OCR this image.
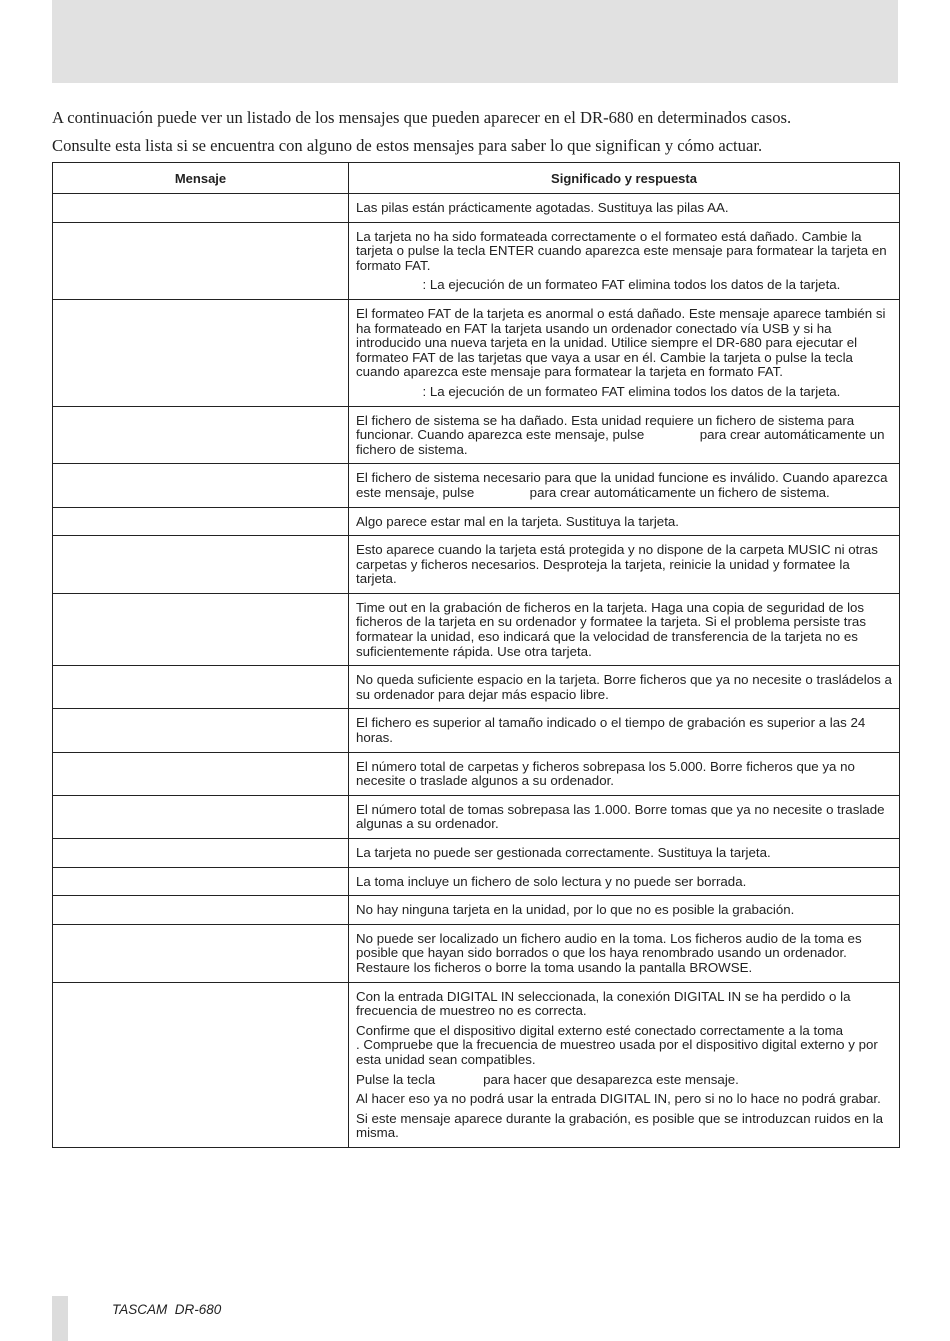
A continuación puede ver un listado de los mensajes que pueden aparecer en el DR-680 en determinados casos.

Consulte esta lista si se encuentra con alguno de estos mensajes para saber lo que significan y cómo actuar.

Mensaje	Significado y respuesta

	Las pilas están prácticamente agotadas. Sustituya las pilas AA.

	La tarjeta no ha sido formateada correctamente o el formateo está dañado. Cambie la tarjeta o pulse la tecla ENTER cuando aparezca este mensaje para formatear la tarjeta en formato FAT.

: La ejecución de un formateo FAT elimina todos los datos de la tarjeta.

	El formateo FAT de la tarjeta es anormal o está dañado. Este mensaje aparece también si ha formateado en FAT la tarjeta usando un ordenador conectado vía USB y si ha introducido una nueva tarjeta en la unidad. Utilice siempre el DR-680 para ejecutar el formateo FAT de las tarjetas que vaya a usar en él. Cambie la tarjeta o pulse la tecla               cuando aparezca este mensaje para formatear la tarjeta en formato FAT.

: La ejecución de un formateo FAT elimina todos los datos de la tarjeta.

	El fichero de sistema se ha dañado. Esta unidad requiere un fichero de sistema para funcionar. Cuando aparezca este mensaje, pulse               para crear automáticamente un fichero de sistema.

	El fichero de sistema necesario para que la unidad funcione es inválido. Cuando aparezca este mensaje, pulse               para crear automáticamente un fichero de sistema.

	Algo parece estar mal en la tarjeta. Sustituya la tarjeta.

	Esto aparece cuando la tarjeta está protegida y no dispone de la carpeta MUSIC ni otras carpetas y ficheros necesarios. Desproteja la tarjeta, reinicie la unidad y formatee la tarjeta.

	Time out en la grabación de ficheros en la tarjeta. Haga una copia de seguridad de los ficheros de la tarjeta en su ordenador y formatee la tarjeta. Si el problema persiste tras formatear la unidad, eso indicará que la velocidad de transferencia de la tarjeta no es suficientemente rápida. Use otra tarjeta.

	No queda suficiente espacio en la tarjeta. Borre ficheros que ya no necesite o trasládelos a su ordenador para dejar más espacio libre.

	El fichero es superior al tamaño indicado o el tiempo de grabación es superior a las 24 horas.

	El número total de carpetas y ficheros sobrepasa los 5.000. Borre ficheros que ya no necesite o traslade algunos a su ordenador.

	El número total de tomas sobrepasa las 1.000. Borre tomas que ya no necesite o traslade algunas a su ordenador.

	La tarjeta no puede ser gestionada correctamente. Sustituya la tarjeta.

	La toma incluye un fichero de solo lectura y no puede ser borrada.

	No hay ninguna tarjeta en la unidad, por lo que no es posible la grabación.

	No puede ser localizado un fichero audio en la toma. Los ficheros audio de la toma es posible que hayan sido borrados o que los haya renombrado usando un ordenador. Restaure los ficheros o borre la toma usando la pantalla BROWSE.

	Con la entrada DIGITAL IN seleccionada, la conexión DIGITAL IN se ha perdido o la frecuencia de muestreo no es correcta.

Confirme que el dispositivo digital externo esté conectado correctamente a la toma                          . Compruebe que la frecuencia de muestreo usada por el dispositivo digital externo y por esta unidad sean compatibles.

Pulse la tecla             para hacer que desaparezca este mensaje.

Al hacer eso ya no podrá usar la entrada DIGITAL IN, pero si no lo hace no podrá grabar.

Si este mensaje aparece durante la grabación, es posible que se introduzcan ruidos en la misma.

TASCAM  DR-680
